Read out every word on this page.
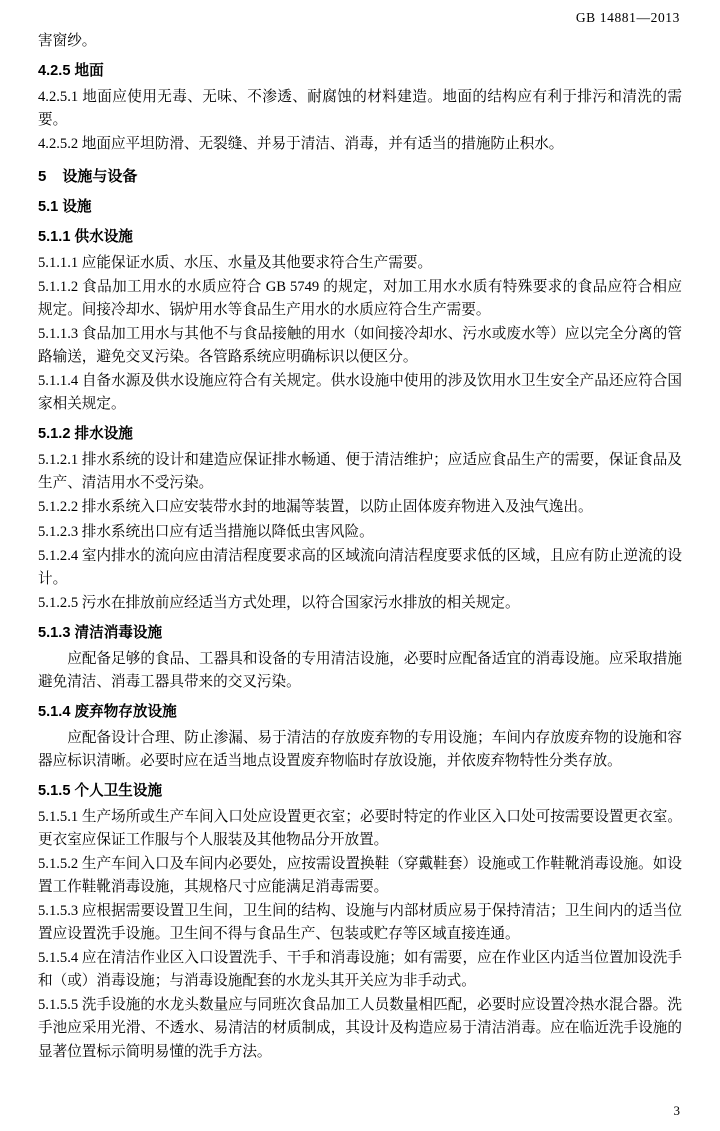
GB 14881—2013

害窗纱。

4.2.5 地面

4.2.5.1 地面应使用无毒、无味、不渗透、耐腐蚀的材料建造。地面的结构应有利于排污和清洗的需要。

4.2.5.2 地面应平坦防滑、无裂缝、并易于清洁、消毒，并有适当的措施防止积水。

5 设施与设备

5.1 设施

5.1.1 供水设施

5.1.1.1 应能保证水质、水压、水量及其他要求符合生产需要。

5.1.1.2 食品加工用水的水质应符合 GB 5749 的规定，对加工用水水质有特殊要求的食品应符合相应规定。间接冷却水、锅炉用水等食品生产用水的水质应符合生产需要。

5.1.1.3 食品加工用水与其他不与食品接触的用水（如间接冷却水、污水或废水等）应以完全分离的管路输送，避免交叉污染。各管路系统应明确标识以便区分。

5.1.1.4 自备水源及供水设施应符合有关规定。供水设施中使用的涉及饮用水卫生安全产品还应符合国家相关规定。

5.1.2 排水设施

5.1.2.1 排水系统的设计和建造应保证排水畅通、便于清洁维护；应适应食品生产的需要，保证食品及生产、清洁用水不受污染。

5.1.2.2 排水系统入口应安装带水封的地漏等装置，以防止固体废弃物进入及浊气逸出。

5.1.2.3 排水系统出口应有适当措施以降低虫害风险。

5.1.2.4 室内排水的流向应由清洁程度要求高的区域流向清洁程度要求低的区域，且应有防止逆流的设计。

5.1.2.5 污水在排放前应经适当方式处理，以符合国家污水排放的相关规定。

5.1.3 清洁消毒设施

应配备足够的食品、工器具和设备的专用清洁设施，必要时应配备适宜的消毒设施。应采取措施避免清洁、消毒工器具带来的交叉污染。

5.1.4 废弃物存放设施

应配备设计合理、防止渗漏、易于清洁的存放废弃物的专用设施；车间内存放废弃物的设施和容器应标识清晰。必要时应在适当地点设置废弃物临时存放设施，并依废弃物特性分类存放。

5.1.5 个人卫生设施

5.1.5.1 生产场所或生产车间入口处应设置更衣室；必要时特定的作业区入口处可按需要设置更衣室。更衣室应保证工作服与个人服装及其他物品分开放置。

5.1.5.2 生产车间入口及车间内必要处，应按需设置换鞋（穿戴鞋套）设施或工作鞋靴消毒设施。如设置工作鞋靴消毒设施，其规格尺寸应能满足消毒需要。

5.1.5.3 应根据需要设置卫生间，卫生间的结构、设施与内部材质应易于保持清洁；卫生间内的适当位置应设置洗手设施。卫生间不得与食品生产、包装或贮存等区域直接连通。

5.1.5.4 应在清洁作业区入口设置洗手、干手和消毒设施；如有需要，应在作业区内适当位置加设洗手和（或）消毒设施；与消毒设施配套的水龙头其开关应为非手动式。

5.1.5.5 洗手设施的水龙头数量应与同班次食品加工人员数量相匹配，必要时应设置冷热水混合器。洗手池应采用光滑、不透水、易清洁的材质制成，其设计及构造应易于清洁消毒。应在临近洗手设施的显著位置标示简明易懂的洗手方法。

3
